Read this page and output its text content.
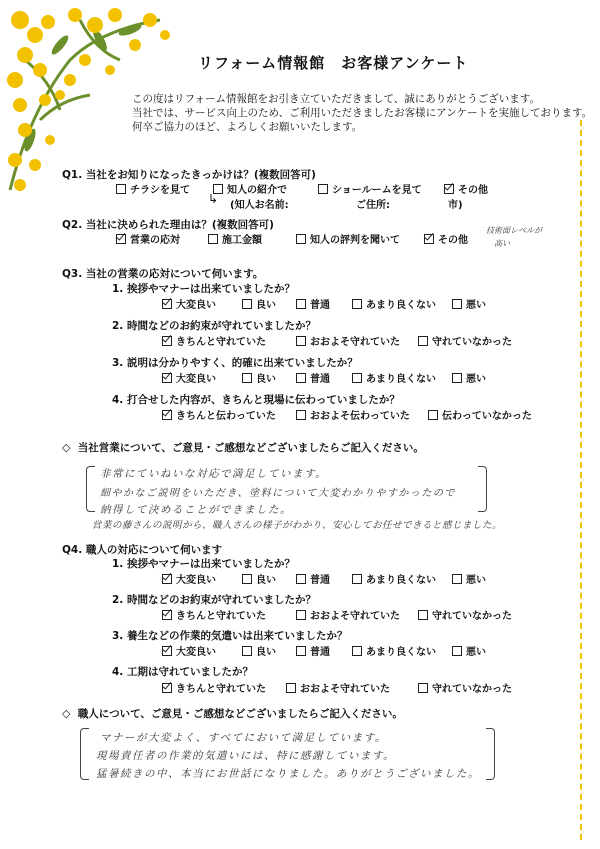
リフォーム情報館　お客様アンケート
この度はリフォーム情報館をお引き立ていただきまして、誠にありがとうございます。
当社では、サービス向上のため、ご利用いただきましたお客様にアンケートを実施しております。
何卒ご協力のほど、よろしくお願いいたします。
Q1. 当社をお知りになったきっかけは？(複数回答可)
チラシを見て	知人の紹介で	ショールームを見て	その他
↳ (知人お名前:	ご住所:	市)
Q2. 当社に決められた理由は？(複数回答可)
営業の応対	施工金額	知人の評判を聞いて	その他
技術面レベルが
高い
Q3. 当社の営業の応対について伺います。
1. 挨拶やマナーは出来ていましたか？
大変良い	良い	普通	あまり良くない	悪い
2. 時間などのお約束が守れていましたか？
きちんと守れていた	おおよそ守れていた	守れていなかった
3. 説明は分かりやすく、的確に出来ていましたか？
大変良い	良い	普通	あまり良くない	悪い
4. 打合せした内容が、きちんと現場に伝わっていましたか？
きちんと伝わっていた	おおよそ伝わっていた	伝わっていなかった
◇ 当社営業について、ご意見・ご感想などございましたらご記入ください。
非常にていねいな対応で満足しています。
細やかなご説明をいただき、塗料について大変わかりやすかったので
納得して決めることができました。
営業の藤さんの説明から、職人さんの様子がわかり、安心してお任せできると感じました。
Q4. 職人の対応について伺います
1. 挨拶やマナーは出来ていましたか？
大変良い	良い	普通	あまり良くない	悪い
2. 時間などのお約束が守れていましたか？
きちんと守れていた	おおよそ守れていた	守れていなかった
3. 養生などの作業的気遣いは出来ていましたか？
大変良い	良い	普通	あまり良くない	悪い
4. 工期は守れていましたか？
きちんと守れていた	おおよそ守れていた	守れていなかった
◇ 職人について、ご意見・ご感想などございましたらご記入ください。
マナーが大変よく、すべてにおいて満足しています。
現場責任者の作業的気遣いには、特に感謝しています。
猛暑続きの中、本当にお世話になりました。ありがとうございました。
